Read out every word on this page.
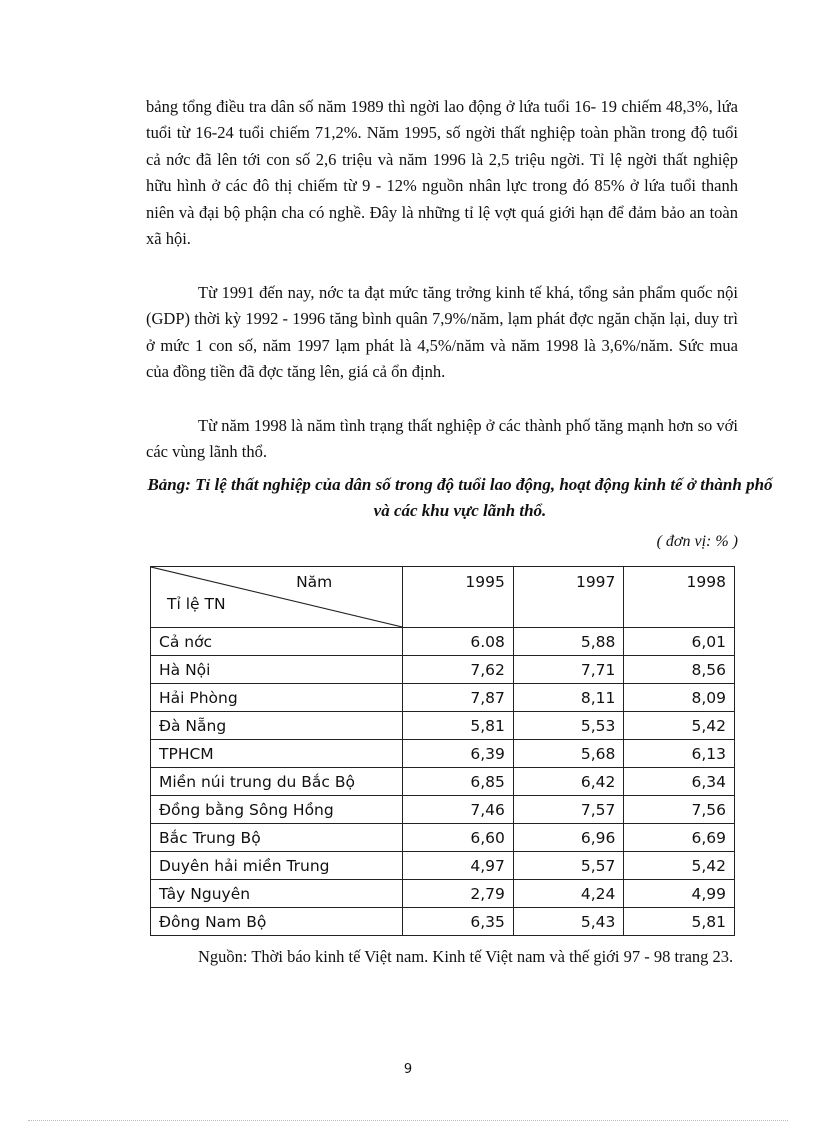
bảng tổng điều tra dân số năm 1989 thì ngời lao động ở lứa tuổi 16- 19 chiếm 48,3%, lứa tuổi từ 16-24 tuổi chiếm 71,2%. Năm 1995, số ngời thất nghiệp toàn phần trong độ tuổi cả nớc đã lên tới con số 2,6 triệu và năm 1996 là 2,5 triệu ngời. Tỉ lệ ngời thất nghiệp hữu hình ở các đô thị chiếm từ 9 - 12% nguồn nhân lực trong đó 85% ở lứa tuổi thanh niên và đại bộ phận cha có nghề. Đây là những tỉ lệ vợt quá giới hạn để đảm bảo an toàn xã hội.

Từ 1991 đến nay, nớc ta đạt mức tăng trởng kinh tế khá, tổng sản phẩm quốc nội (GDP) thời kỳ 1992 - 1996 tăng bình quân 7,9%/năm, lạm phát đợc ngăn chặn lại, duy trì ở mức 1 con số, năm 1997 lạm phát là 4,5%/năm và năm 1998 là 3,6%/năm. Sức mua của đồng tiền đã đợc tăng lên, giá cả ổn định.

Từ năm 1998 là năm tình trạng thất nghiệp ở các thành phố tăng mạnh hơn so với các vùng lãnh thổ.

Bảng: Tỉ lệ thất nghiệp của dân số trong độ tuổi lao động, hoạt động kinh tế ở thành phố và các khu vực lãnh thổ.

( đơn vị: % )
Năm
Tỉ lệ TN	1995	1997	1998
Cả nớc	6.08	5,88	6,01
Hà Nội	7,62	7,71	8,56
Hải Phòng	7,87	8,11	8,09
Đà Nẵng	5,81	5,53	5,42
TPHCM	6,39	5,68	6,13
Miền núi trung du Bắc Bộ	6,85	6,42	6,34
Đồng bằng Sông Hồng	7,46	7,57	7,56
Bắc Trung Bộ	6,60	6,96	6,69
Duyên hải miền Trung	4,97	5,57	5,42
Tây Nguyên	2,79	4,24	4,99
Đông Nam Bộ	6,35	5,43	5,81

Nguồn: Thời báo kinh tế Việt nam. Kinh tế Việt nam và thế giới 97 - 98 trang 23.

9
